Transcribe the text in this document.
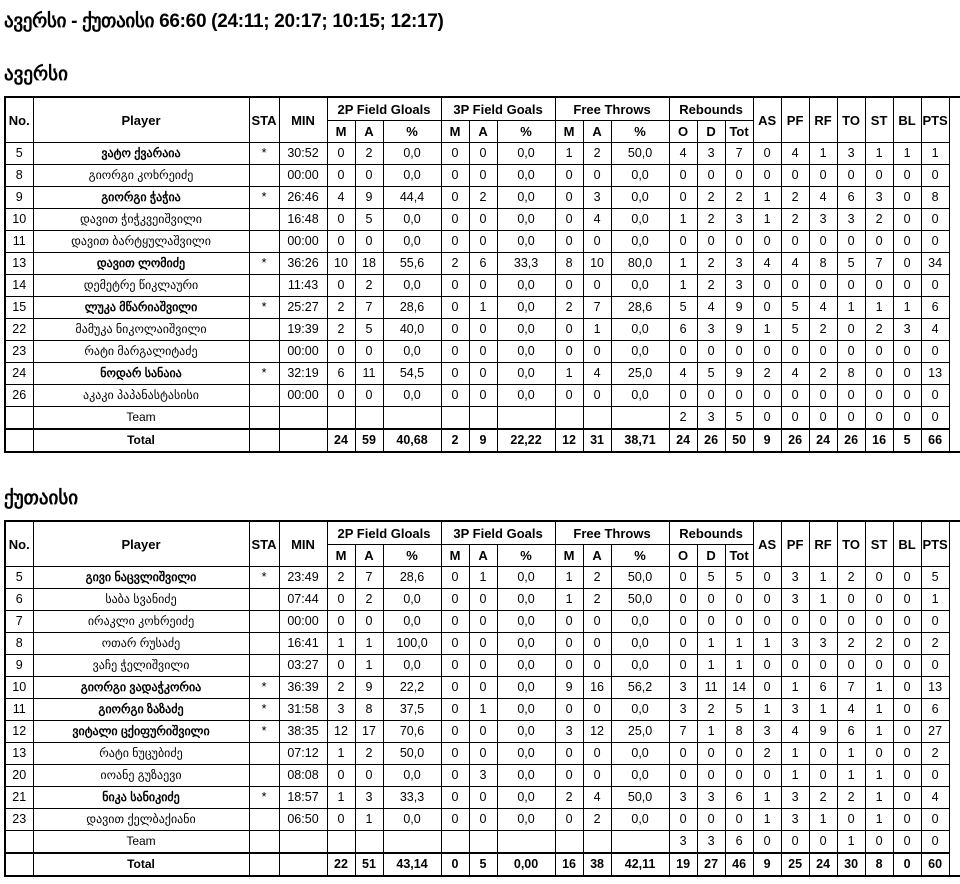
ავერსი - ქუთაისი 66:60 (24:11; 20:17; 10:15; 12:17)
ავერსი
No.	Player	STA	MIN	2P Field Gloals			3P Field Goals			Free Throws			Rebounds			AS	PF	RF	TO	ST	BL	PTS
				M	A	%	M	A	%	M	A	%	O	D	Tot							
5	ვატო ქვარაია	*	30:52	0	2	0,0	0	0	0,0	1	2	50,0	4	3	7	0	4	1	3	1	1	1
8	გიორგი კოხრეიძე		00:00	0	0	0,0	0	0	0,0	0	0	0,0	0	0	0	0	0	0	0	0	0	0
9	გიორგი ჭაჭია	*	26:46	4	9	44,4	0	2	0,0	0	3	0,0	0	2	2	1	2	4	6	3	0	8
10	დავით ჭიჭკვეიშვილი		16:48	0	5	0,0	0	0	0,0	0	4	0,0	1	2	3	1	2	3	3	2	0	0
11	დავით ბარტყულაშვილი		00:00	0	0	0,0	0	0	0,0	0	0	0,0	0	0	0	0	0	0	0	0	0	0
13	დავით ლომიძე	*	36:26	10	18	55,6	2	6	33,3	8	10	80,0	1	2	3	4	4	8	5	7	0	34
14	დემეტრე წიკლაური		11:43	0	2	0,0	0	0	0,0	0	0	0,0	1	2	3	0	0	0	0	0	0	0
15	ლუკა მწარიაშვილი	*	25:27	2	7	28,6	0	1	0,0	2	7	28,6	5	4	9	0	5	4	1	1	1	6
22	მამუკა ნიკოლაიშვილი		19:39	2	5	40,0	0	0	0,0	0	1	0,0	6	3	9	1	5	2	0	2	3	4
23	რატი მარგალიტაძე		00:00	0	0	0,0	0	0	0,0	0	0	0,0	0	0	0	0	0	0	0	0	0	0
24	ნოდარ სანაია	*	32:19	6	11	54,5	0	0	0,0	1	4	25,0	4	5	9	2	4	2	8	0	0	13
26	აკაკი პაპანასტასისი		00:00	0	0	0,0	0	0	0,0	0	0	0,0	0	0	0	0	0	0	0	0	0	0
	Team												2	3	5	0	0	0	0	0	0	0
	Total			24	59	40,68	2	9	22,22	12	31	38,71	24	26	50	9	26	24	26	16	5	66
ქუთაისი
No.	Player	STA	MIN	2P Field Gloals			3P Field Goals			Free Throws			Rebounds			AS	PF	RF	TO	ST	BL	PTS
				M	A	%	M	A	%	M	A	%	O	D	Tot							
5	გივი ნაცვლიშვილი	*	23:49	2	7	28,6	0	1	0,0	1	2	50,0	0	5	5	0	3	1	2	0	0	5
6	საბა სვანიძე		07:44	0	2	0,0	0	0	0,0	1	2	50,0	0	0	0	0	3	1	0	0	0	1
7	ირაკლი კოხრეიძე		00:00	0	0	0,0	0	0	0,0	0	0	0,0	0	0	0	0	0	0	0	0	0	0
8	ოთარ რუსაძე		16:41	1	1	100,0	0	0	0,0	0	0	0,0	0	1	1	1	3	3	2	2	0	2
9	ვაჩე ჭელიშვილი		03:27	0	1	0,0	0	0	0,0	0	0	0,0	0	1	1	0	0	0	0	0	0	0
10	გიორგი ვადაჭკორია	*	36:39	2	9	22,2	0	0	0,0	9	16	56,2	3	11	14	0	1	6	7	1	0	13
11	გიორგი ზაზაძე	*	31:58	3	8	37,5	0	1	0,0	0	0	0,0	3	2	5	1	3	1	4	1	0	6
12	ვიტალი ცქიფურიშვილი	*	38:35	12	17	70,6	0	0	0,0	3	12	25,0	7	1	8	3	4	9	6	1	0	27
13	რატი ნუცუბიძე		07:12	1	2	50,0	0	0	0,0	0	0	0,0	0	0	0	2	1	0	1	0	0	2
20	იოანე გუზაევი		08:08	0	0	0,0	0	3	0,0	0	0	0,0	0	0	0	0	1	0	1	1	0	0
21	ნიკა სანიკიძე	*	18:57	1	3	33,3	0	0	0,0	2	4	50,0	3	3	6	1	3	2	2	1	0	4
23	დავით ქელბაქიანი		06:50	0	1	0,0	0	0	0,0	0	2	0,0	0	0	0	1	3	1	0	1	0	0
	Team												3	3	6	0	0	0	1	0	0	0
	Total			22	51	43,14	0	5	0,00	16	38	42,11	19	27	46	9	25	24	30	8	0	60
